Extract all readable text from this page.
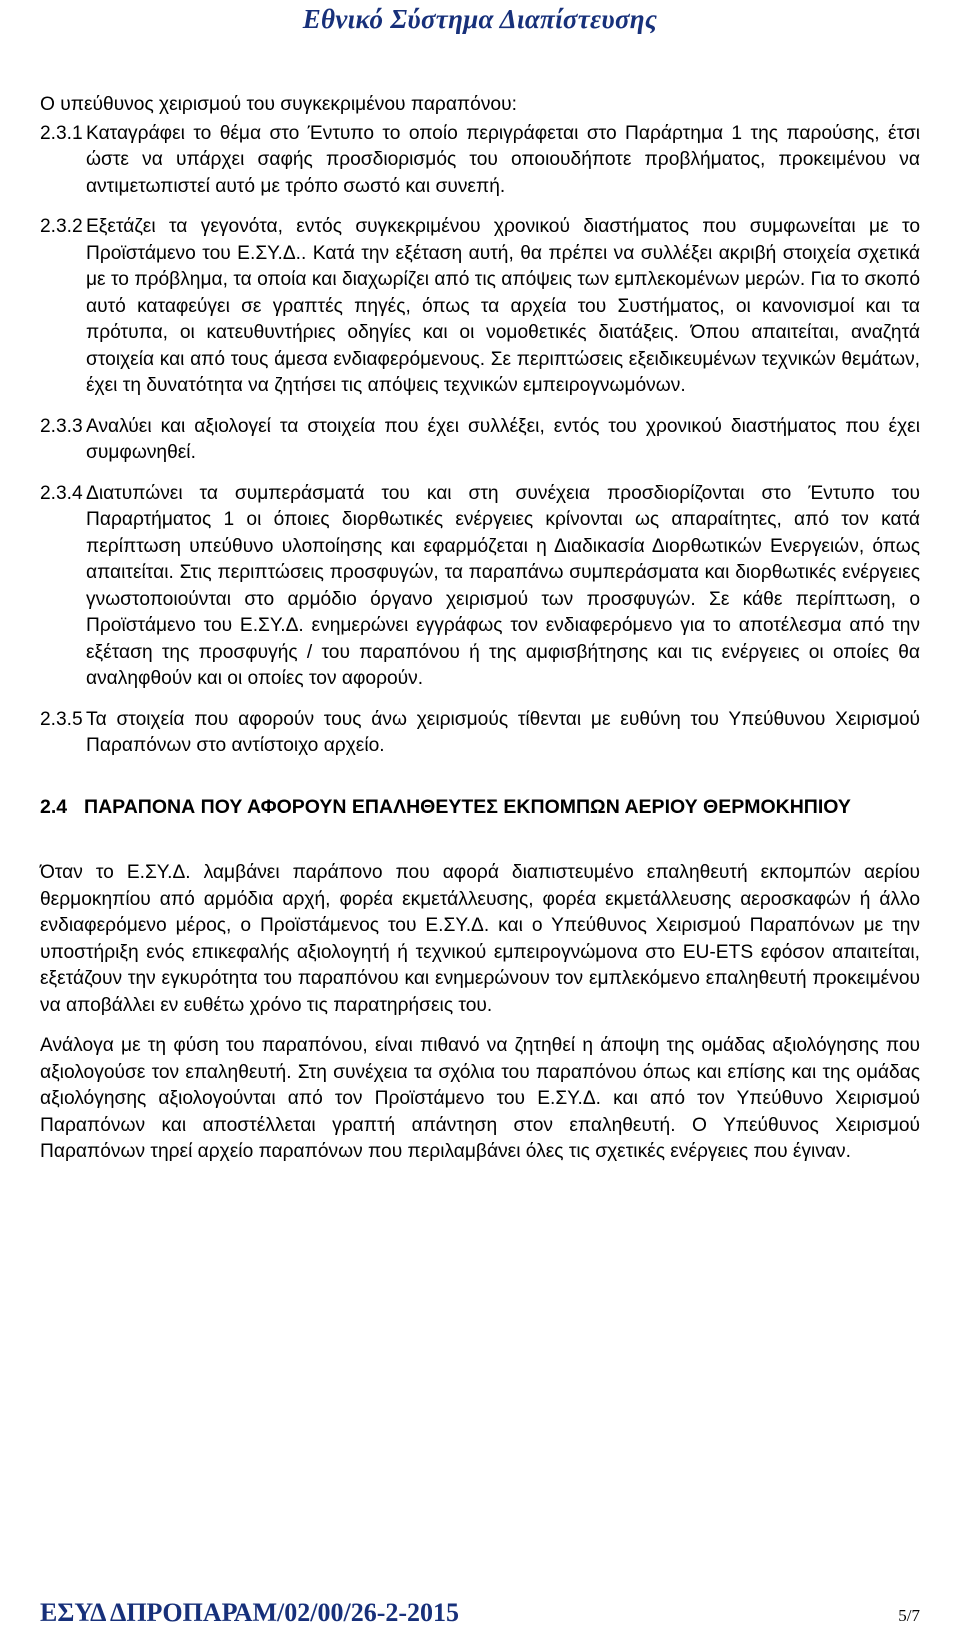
Εθνικό Σύστημα Διαπίστευσης

Ο υπεύθυνος χειρισμού του συγκεκριμένου παραπόνου:

2.3.1 Καταγράφει το θέμα στο Έντυπο το οποίο περιγράφεται στο Παράρτημα 1 της παρούσης, έτσι ώστε να υπάρχει σαφής προσδιορισμός του οποιουδήποτε προβλήματος, προκειμένου να αντιμετωπιστεί αυτό με τρόπο σωστό και συνεπή.
2.3.2 Εξετάζει τα γεγονότα, εντός συγκεκριμένου χρονικού διαστήματος που συμφωνείται με το Προϊστάμενο του Ε.ΣΥ.Δ.. Κατά την εξέταση αυτή, θα πρέπει να συλλέξει ακριβή στοιχεία σχετικά με το πρόβλημα, τα οποία και διαχωρίζει από τις απόψεις των εμπλεκομένων μερών. Για το σκοπό αυτό καταφεύγει σε γραπτές πηγές, όπως τα αρχεία του Συστήματος, οι κανονισμοί και τα πρότυπα, οι κατευθυντήριες οδηγίες και οι νομοθετικές διατάξεις. Όπου απαιτείται, αναζητά στοιχεία και από τους άμεσα ενδιαφερόμενους. Σε περιπτώσεις εξειδικευμένων τεχνικών θεμάτων, έχει τη δυνατότητα να ζητήσει τις απόψεις τεχνικών εμπειρογνωμόνων.
2.3.3 Αναλύει και αξιολογεί τα στοιχεία που έχει συλλέξει, εντός του χρονικού διαστήματος που έχει συμφωνηθεί.
2.3.4 Διατυπώνει τα συμπεράσματά του και στη συνέχεια προσδιορίζονται στο Έντυπο του Παραρτήματος 1 οι όποιες διορθωτικές ενέργειες κρίνονται ως απαραίτητες, από τον κατά περίπτωση υπεύθυνο υλοποίησης και εφαρμόζεται η Διαδικασία Διορθωτικών Ενεργειών, όπως απαιτείται. Στις περιπτώσεις προσφυγών, τα παραπάνω συμπεράσματα και διορθωτικές ενέργειες γνωστοποιούνται στο αρμόδιο όργανο χειρισμού των προσφυγών. Σε κάθε περίπτωση, ο Προϊστάμενο του Ε.ΣΥ.Δ. ενημερώνει εγγράφως τον ενδιαφερόμενο για το αποτέλεσμα από την εξέταση της προσφυγής / του παραπόνου ή της αμφισβήτησης και τις ενέργειες οι οποίες θα αναληφθούν και οι οποίες τον αφορούν.
2.3.5 Τα στοιχεία που αφορούν τους άνω χειρισμούς τίθενται με ευθύνη του Υπεύθυνου Χειρισμού Παραπόνων στο αντίστοιχο αρχείο.
2.4 ΠΑΡΑΠΟΝΑ ΠΟΥ ΑΦΟΡΟΥΝ ΕΠΑΛΗΘΕΥΤΕΣ ΕΚΠΟΜΠΩΝ ΑΕΡΙΟΥ ΘΕΡΜΟΚΗΠΙΟΥ

Όταν το Ε.ΣΥ.Δ. λαμβάνει παράπονο που αφορά διαπιστευμένο επαληθευτή εκπομπών αερίου θερμοκηπίου από αρμόδια αρχή, φορέα εκμετάλλευσης, φορέα εκμετάλλευσης αεροσκαφών ή άλλο ενδιαφερόμενο μέρος, ο Προϊστάμενος του Ε.ΣΥ.Δ. και ο Υπεύθυνος Χειρισμού Παραπόνων με την υποστήριξη ενός επικεφαλής αξιολογητή ή τεχνικού εμπειρογνώμονα στο EU-ETS εφόσον απαιτείται, εξετάζουν την εγκυρότητα του παραπόνου και ενημερώνουν τον εμπλεκόμενο επαληθευτή προκειμένου να αποβάλλει εν ευθέτω χρόνο τις παρατηρήσεις του.

Ανάλογα με τη φύση του παραπόνου, είναι πιθανό να ζητηθεί η άποψη της ομάδας αξιολόγησης που αξιολογούσε τον επαληθευτή. Στη συνέχεια τα σχόλια του παραπόνου όπως και επίσης και της ομάδας αξιολόγησης αξιολογούνται από τον Προϊστάμενο του Ε.ΣΥ.Δ. και από τον Υπεύθυνο Χειρισμού Παραπόνων και αποστέλλεται γραπτή απάντηση στον επαληθευτή. Ο Υπεύθυνος Χειρισμού Παραπόνων τηρεί αρχείο παραπόνων που περιλαμβάνει όλες τις σχετικές ενέργειες που έγιναν.

ΕΣΥΔ ΔΠΡΟΠΑΡΑΜ/02/00/26-2-2015	5/7
